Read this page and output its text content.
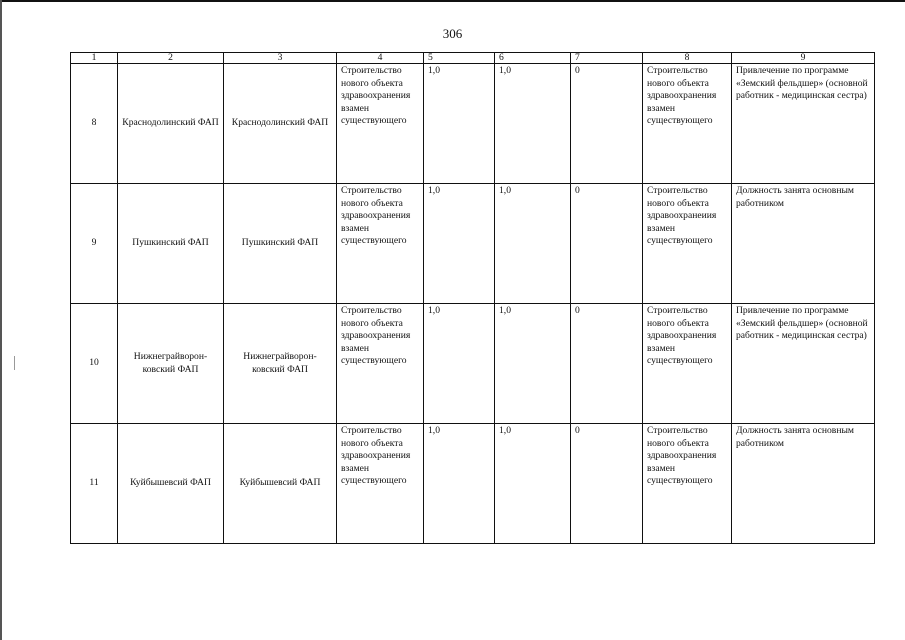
306
1	2	3	4	5	6	7	8	9
8	Краснодолинский ФАП	Краснодолинский ФАП	Строительство нового объекта здравоохранения взамен существующего	1,0	1,0	0	Строительство нового объекта здравоохранения взамен существующего	Привлечение по программе «Земский фельдшер» (основной работник - медицинская сестра)
9	Пушкинский ФАП	Пушкинский ФАП	Строительство нового объекта здравоохранения взамен существующего	1,0	1,0	0	Строительство нового объекта здравоохранеиия взамен существующего	Должность занята основным работником
10	Нижнеграйворон-ковский ФАП	Нижнеграйворон-ковский ФАП	Строительство нового объекта здравоохранения взамен существующего	1,0	1,0	0	Строительство нового объекта здравоохранения взамен существующего	Привлечение по программе «Земский фельдшер» (основной работник - медицинская сестра)
11	Куйбышевсий ФАП	Куйбышевсий ФАП	Строительство нового объекта здравоохранения взамен существующего	1,0	1,0	0	Строительство нового объекта здравоохранения взамен существующего	Должность занята основным работником
